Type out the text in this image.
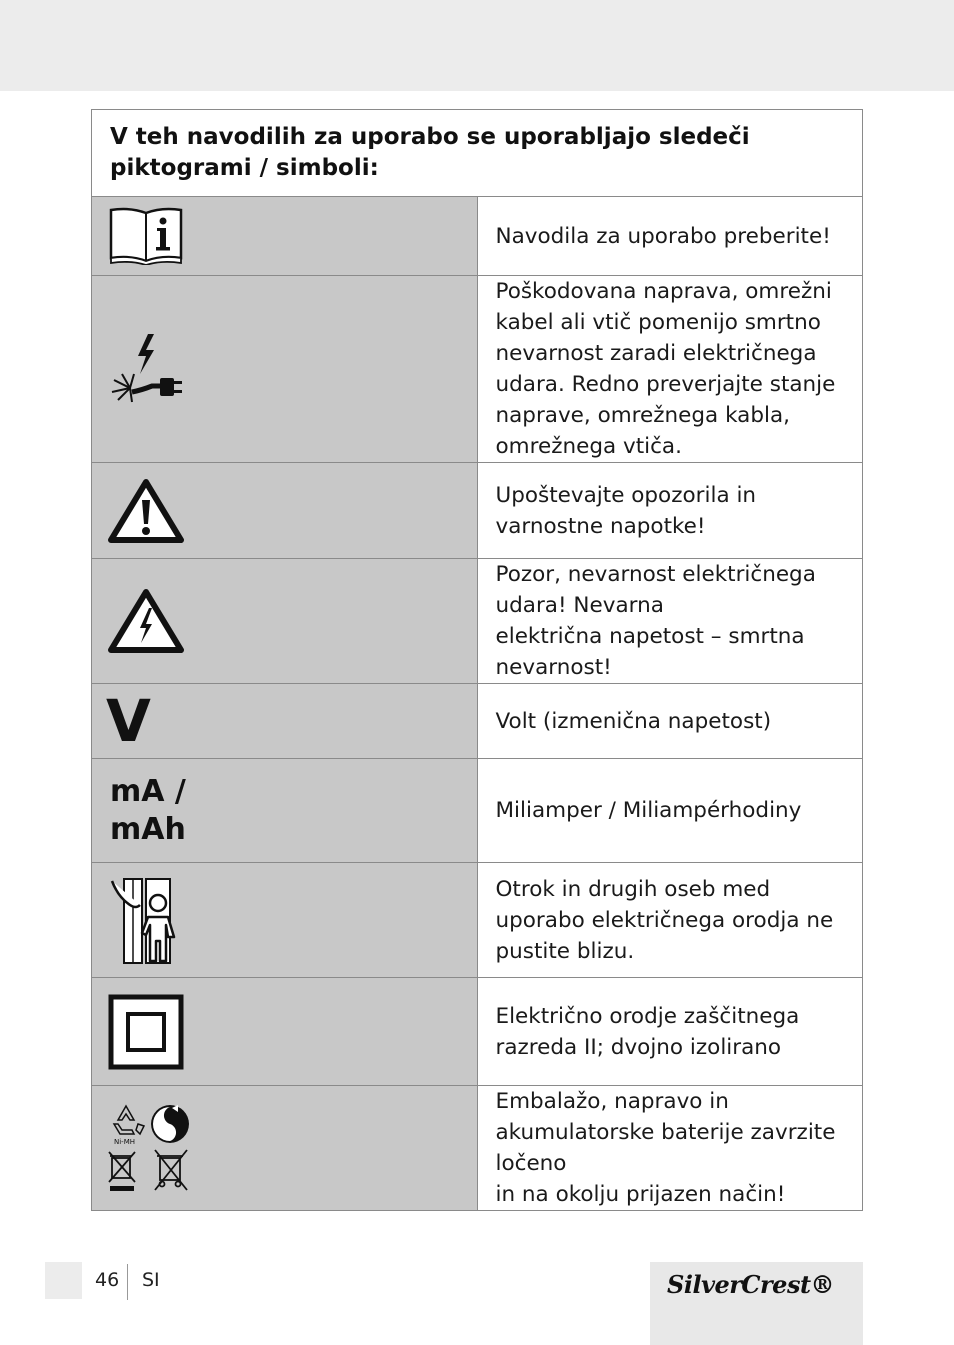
V teh navodilih za uporabo se uporabljajo sledeči piktogrami / simboli:	

Navodila za uporabo preberite!

Poškodovana naprava, omrežni kabel ali vtič pomenijo smrtno
nevarnost zaradi električnega udara. Redno preverjajte stanje
naprave, omrežnega kabla, omrežnega vtiča.

Upoštevajte opozorila in varnostne napotke!

Pozor, nevarnost električnega udara! Nevarna
električna napetost – smrtna nevarnost!

V	Volt (izmenična napetost)

mA /
mAh	Miliamper / Miliampérhodiny

Otrok in drugih oseb med uporabo električnega orodja ne
pustite blizu.

Električno orodje zaščitnega razreda II; dvojno izolirano

Ni-MH	Embalažo, napravo in akumulatorske baterije zavrzite ločeno
in na okolju prijazen način!
46 SI	SilverCrest®
